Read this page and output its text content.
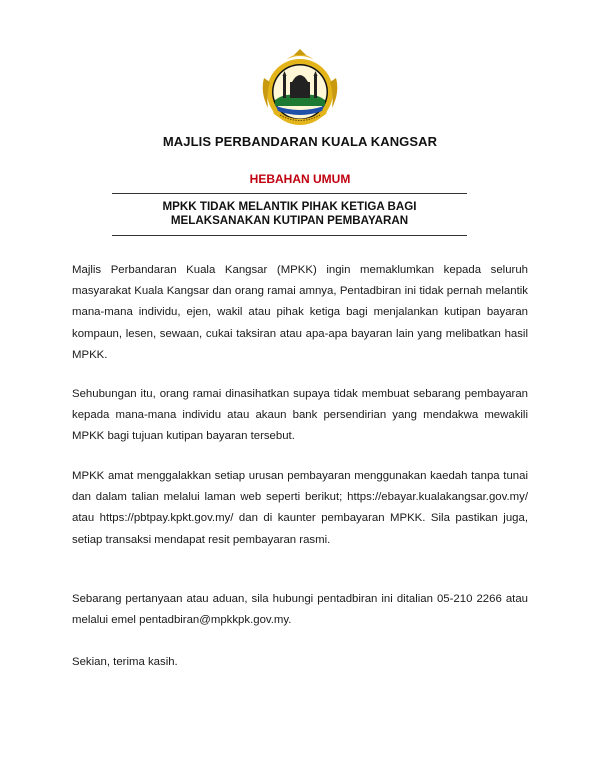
MAJLIS PERBANDARAN KUALA KANGSAR
HEBAHAN UMUM
MPKK TIDAK MELANTIK PIHAK KETIGA BAGI MELAKSANAKAN KUTIPAN PEMBAYARAN
Majlis Perbandaran Kuala Kangsar (MPKK) ingin memaklumkan kepada seluruh masyarakat Kuala Kangsar dan orang ramai amnya, Pentadbiran ini tidak pernah melantik mana-mana individu, ejen, wakil atau pihak ketiga bagi menjalankan kutipan bayaran kompaun, lesen, sewaan, cukai taksiran atau apa-apa bayaran lain yang melibatkan hasil MPKK.
Sehubungan itu, orang ramai dinasihatkan supaya tidak membuat sebarang pembayaran kepada mana-mana individu atau akaun bank persendirian yang mendakwa mewakili MPKK bagi tujuan kutipan bayaran tersebut.
MPKK amat menggalakkan setiap urusan pembayaran menggunakan kaedah tanpa tunai dan dalam talian melalui laman web seperti berikut; https://ebayar.kualakangsar.gov.my/ atau https://pbtpay.kpkt.gov.my/ dan di kaunter pembayaran MPKK. Sila pastikan juga, setiap transaksi mendapat resit pembayaran rasmi.
Sebarang pertanyaan atau aduan, sila hubungi pentadbiran ini ditalian 05-210 2266 atau melalui emel pentadbiran@mpkkpk.gov.my.
Sekian, terima kasih.
